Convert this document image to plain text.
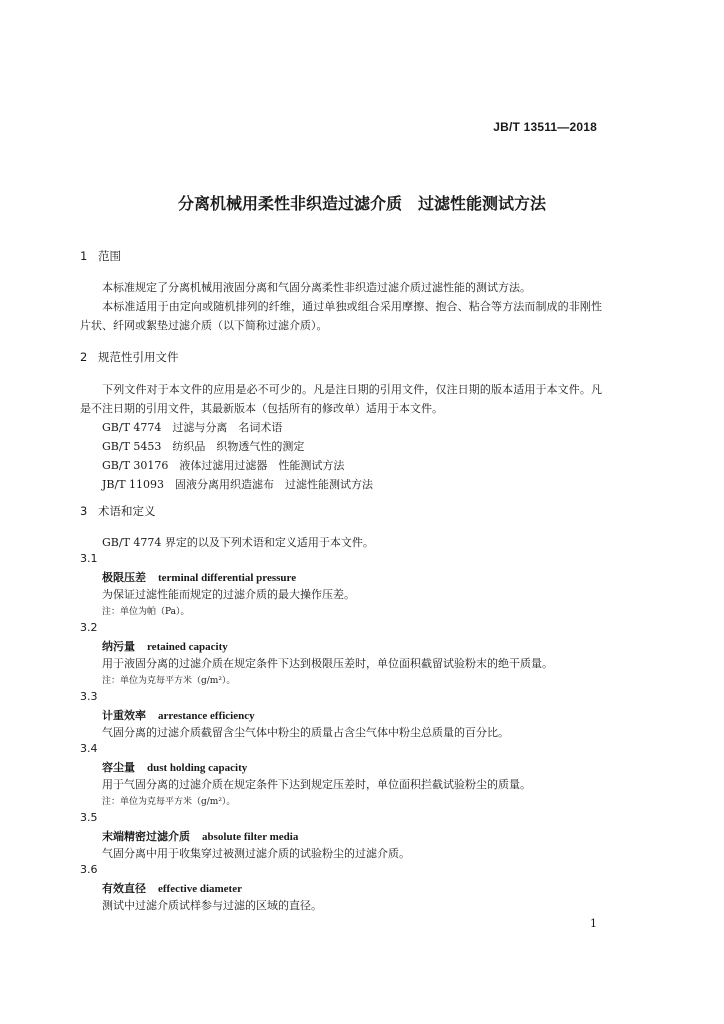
JB/T 13511—2018
分离机械用柔性非织造过滤介质　过滤性能测试方法
1 范围
本标准规定了分离机械用液固分离和气固分离柔性非织造过滤介质过滤性能的测试方法。
本标准适用于由定向或随机排列的纤维，通过单独或组合采用摩擦、抱合、粘合等方法而制成的非刚性片状、纤网或絮垫过滤介质（以下简称过滤介质）。
2 规范性引用文件
下列文件对于本文件的应用是必不可少的。凡是注日期的引用文件，仅注日期的版本适用于本文件。凡是不注日期的引用文件，其最新版本（包括所有的修改单）适用于本文件。
GB/T 4774　过滤与分离　名词术语
GB/T 5453　纺织品　织物透气性的测定
GB/T 30176　液体过滤用过滤器　性能测试方法
JB/T 11093　固液分离用织造滤布　过滤性能测试方法
3 术语和定义
GB/T 4774 界定的以及下列术语和定义适用于本文件。
3.1
极限压差 terminal differential pressure
为保证过滤性能而规定的过滤介质的最大操作压差。
注：单位为帕（Pa）。
3.2
纳污量 retained capacity
用于液固分离的过滤介质在规定条件下达到极限压差时，单位面积截留试验粉末的绝干质量。
注：单位为克每平方米（g/m²）。
3.3
计重效率 arrestance efficiency
气固分离的过滤介质截留含尘气体中粉尘的质量占含尘气体中粉尘总质量的百分比。
3.4
容尘量 dust holding capacity
用于气固分离的过滤介质在规定条件下达到规定压差时，单位面积拦截试验粉尘的质量。
注：单位为克每平方米（g/m²）。
3.5
末端精密过滤介质 absolute filter media
气固分离中用于收集穿过被测过滤介质的试验粉尘的过滤介质。
3.6
有效直径 effective diameter
测试中过滤介质试样参与过滤的区域的直径。
1
